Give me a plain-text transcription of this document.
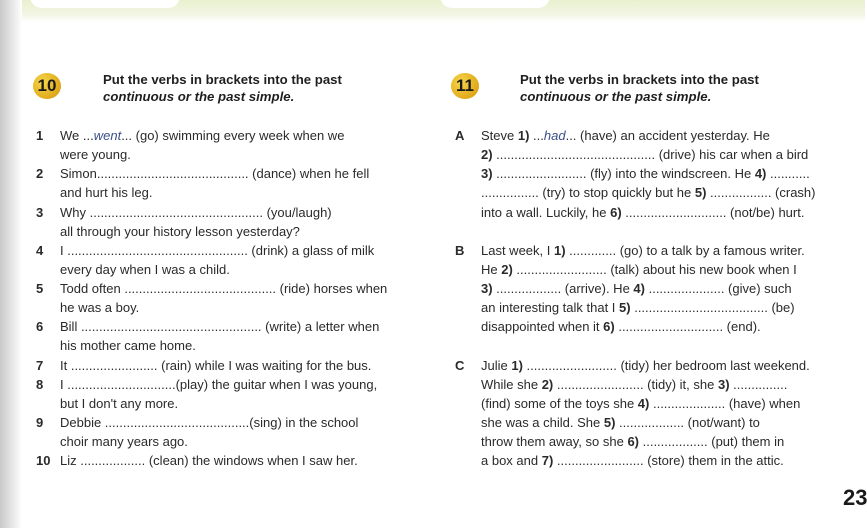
10	Put the verbs in brackets into the past
continuous or the past simple.
1 We ...went... (go) swimming every week when we
were young.
2 Simon.......................................... (dance) when he fell
and hurt his leg.
3 Why ................................................ (you/laugh)
all through your history lesson yesterday?
4 I .................................................. (drink) a glass of milk
every day when I was a child.
5 Todd often .......................................... (ride) horses when
he was a boy.
6 Bill .................................................. (write) a letter when
his mother came home.
7 It ........................ (rain) while I was waiting for the bus.
8 I ..............................(play) the guitar when I was young,
but I don't any more.
9 Debbie ........................................(sing) in the school
choir many years ago.
10 Liz .................. (clean) the windows when I saw her.
11	Put the verbs in brackets into the past
continuous or the past simple.
A Steve 1) ...had... (have) an accident yesterday. He
2) ............................................ (drive) his car when a bird
3) ......................... (fly) into the windscreen. He 4) ...........
................ (try) to stop quickly but he 5) ................. (crash)
into a wall. Luckily, he 6) ............................ (not/be) hurt.
B Last week, I 1) ............. (go) to a talk by a famous writer.
He 2) ......................... (talk) about his new book when I
3) .................. (arrive). He 4) ..................... (give) such
an interesting talk that I 5) ..................................... (be)
disappointed when it 6) ............................. (end).
C Julie 1) ......................... (tidy) her bedroom last weekend.
While she 2) ........................ (tidy) it, she 3) ...............
(find) some of the toys she 4) .................... (have) when
she was a child. She 5) .................. (not/want) to
throw them away, so she 6) .................. (put) them in
a box and 7) ........................ (store) them in the attic.
23
